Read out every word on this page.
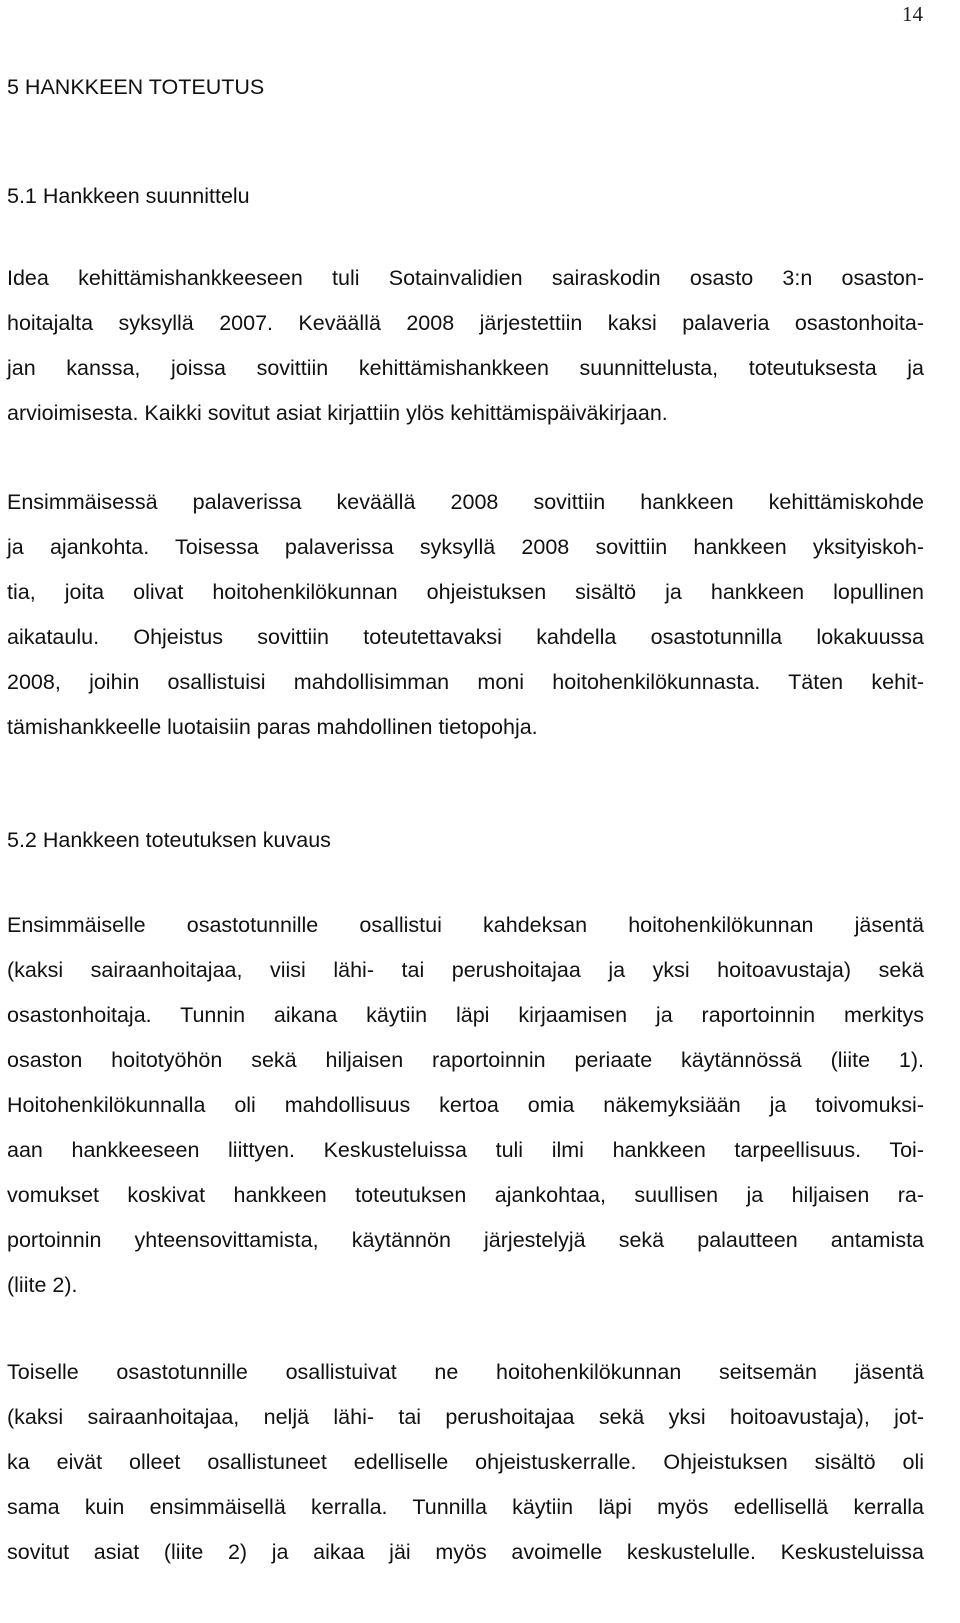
14
5 HANKKEEN TOTEUTUS
5.1 Hankkeen suunnittelu
Idea kehittämishankkeeseen tuli Sotainvalidien sairaskodin osasto 3:n osaston-
hoitajalta syksyllä 2007. Keväällä 2008 järjestettiin kaksi palaveria osastonhoita-
jan kanssa, joissa sovittiin kehittämishankkeen suunnittelusta, toteutuksesta ja
arvioimisesta. Kaikki sovitut asiat kirjattiin ylös kehittämispäiväkirjaan.
Ensimmäisessä palaverissa keväällä 2008 sovittiin hankkeen kehittämiskohde
ja ajankohta. Toisessa palaverissa syksyllä 2008 sovittiin hankkeen yksityiskoh-
tia, joita olivat hoitohenkilökunnan ohjeistuksen sisältö ja hankkeen lopullinen
aikataulu. Ohjeistus sovittiin toteutettavaksi kahdella osastotunnilla lokakuussa
2008, joihin osallistuisi mahdollisimman moni hoitohenkilökunnasta. Täten kehit-
tämishankkeelle luotaisiin paras mahdollinen tietopohja.
5.2 Hankkeen toteutuksen kuvaus
Ensimmäiselle osastotunnille osallistui kahdeksan hoitohenkilökunnan jäsentä
(kaksi sairaanhoitajaa, viisi lähi- tai perushoitajaa ja yksi hoitoavustaja) sekä
osastonhoitaja. Tunnin aikana käytiin läpi kirjaamisen ja raportoinnin merkitys
osaston hoitotyöhön sekä hiljaisen raportoinnin periaate käytännössä (liite 1).
Hoitohenkilökunnalla oli mahdollisuus kertoa omia näkemyksiään ja toivomuksi-
aan hankkeeseen liittyen. Keskusteluissa tuli ilmi hankkeen tarpeellisuus. Toi-
vomukset koskivat hankkeen toteutuksen ajankohtaa, suullisen ja hiljaisen ra-
portoinnin yhteensovittamista, käytännön järjestelyjä sekä palautteen antamista
(liite 2).
Toiselle osastotunnille osallistuivat ne hoitohenkilökunnan seitsemän jäsentä
(kaksi sairaanhoitajaa, neljä lähi- tai perushoitajaa sekä yksi hoitoavustaja), jot-
ka eivät olleet osallistuneet edelliselle ohjeistuskerralle. Ohjeistuksen sisältö oli
sama kuin ensimmäisellä kerralla. Tunnilla käytiin läpi myös edellisellä kerralla
sovitut asiat (liite 2) ja aikaa jäi myös avoimelle keskustelulle. Keskusteluissa
